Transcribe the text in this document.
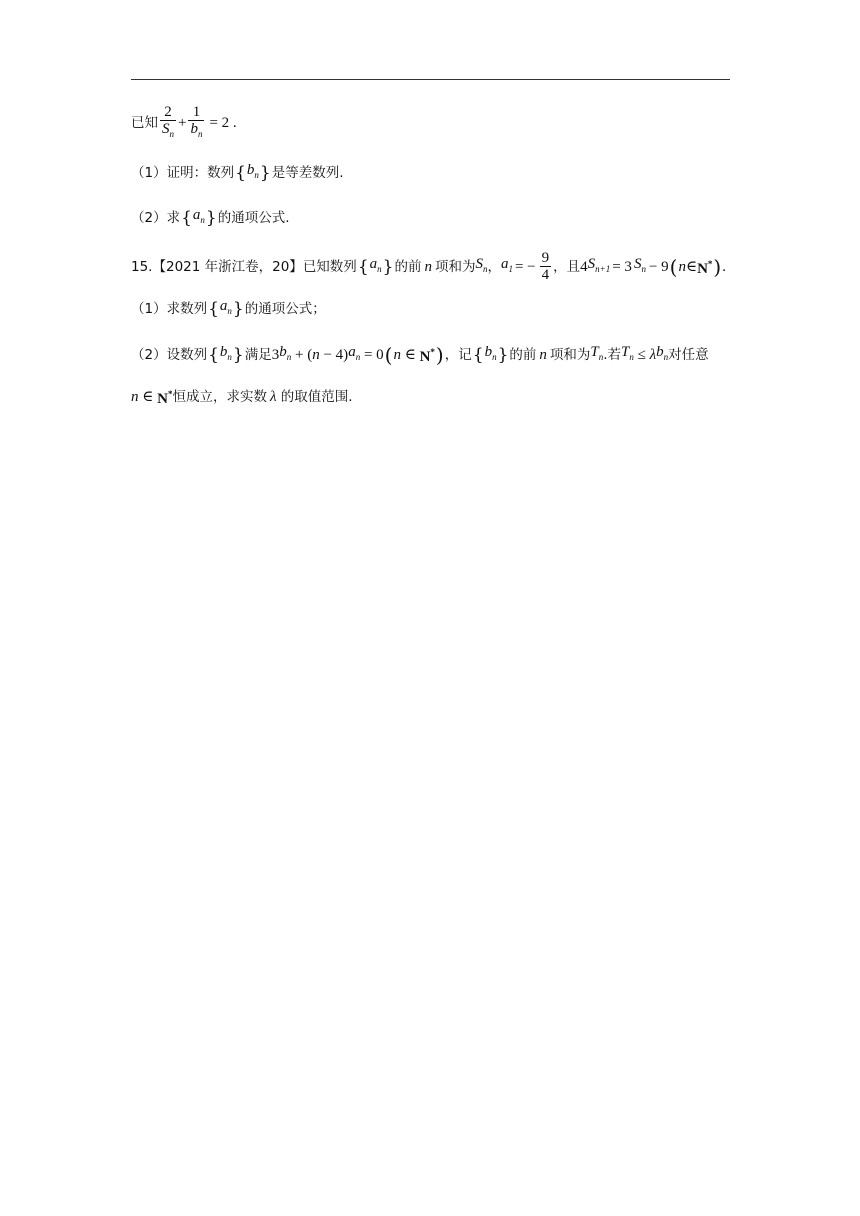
已知 $\frac{2}{S_n} + \frac{1}{b_n} = 2$ .
（1）证明：数列 { $b_n$ } 是等差数列.
（2）求 { $a_n$ } 的通项公式.
15. 【2021 年浙江卷，20】 已知数列 { $a_n$ } 的前 n 项和为 $S_n$ ， $a_1$ = − $\frac{9}{4}$ ，且 4 $S_{n+1} = 3$ $S_n - 9$ ( n ∈ N* ) .
（1）求数列 { $a_n$ } 的通项公式；
（2）设数列 { $b_n$ } 满足 3 $b_n$ + ( n − 4) $a_n = 0$ ( n ∈ N* ) ，记 { $b_n$ } 的前 n 项和为 $T_n$ .若 $T_n \le \lambda$ $b_n$ 对任意
n ∈ N* 恒成立，求实数 λ 的取值范围.
